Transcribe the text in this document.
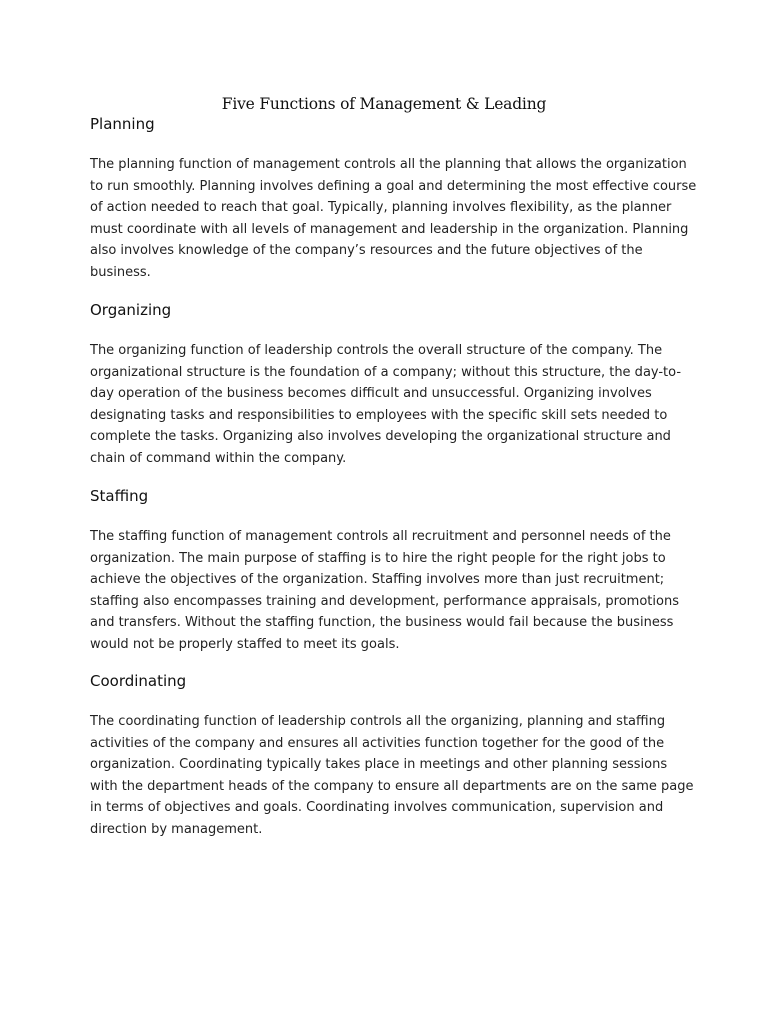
Five Functions of Management & Leading
Planning
The planning function of management controls all the planning that allows the organization
to run smoothly. Planning involves defining a goal and determining the most effective course
of action needed to reach that goal. Typically, planning involves flexibility, as the planner
must coordinate with all levels of management and leadership in the organization. Planning
also involves knowledge of the company’s resources and the future objectives of the
business.
Organizing
The organizing function of leadership controls the overall structure of the company. The
organizational structure is the foundation of a company; without this structure, the day-to-
day operation of the business becomes difficult and unsuccessful. Organizing involves
designating tasks and responsibilities to employees with the specific skill sets needed to
complete the tasks. Organizing also involves developing the organizational structure and
chain of command within the company.
Staffing
The staffing function of management controls all recruitment and personnel needs of the
organization. The main purpose of staffing is to hire the right people for the right jobs to
achieve the objectives of the organization. Staffing involves more than just recruitment;
staffing also encompasses training and development, performance appraisals, promotions
and transfers. Without the staffing function, the business would fail because the business
would not be properly staffed to meet its goals.
Coordinating
The coordinating function of leadership controls all the organizing, planning and staffing
activities of the company and ensures all activities function together for the good of the
organization. Coordinating typically takes place in meetings and other planning sessions
with the department heads of the company to ensure all departments are on the same page
in terms of objectives and goals. Coordinating involves communication, supervision and
direction by management.
